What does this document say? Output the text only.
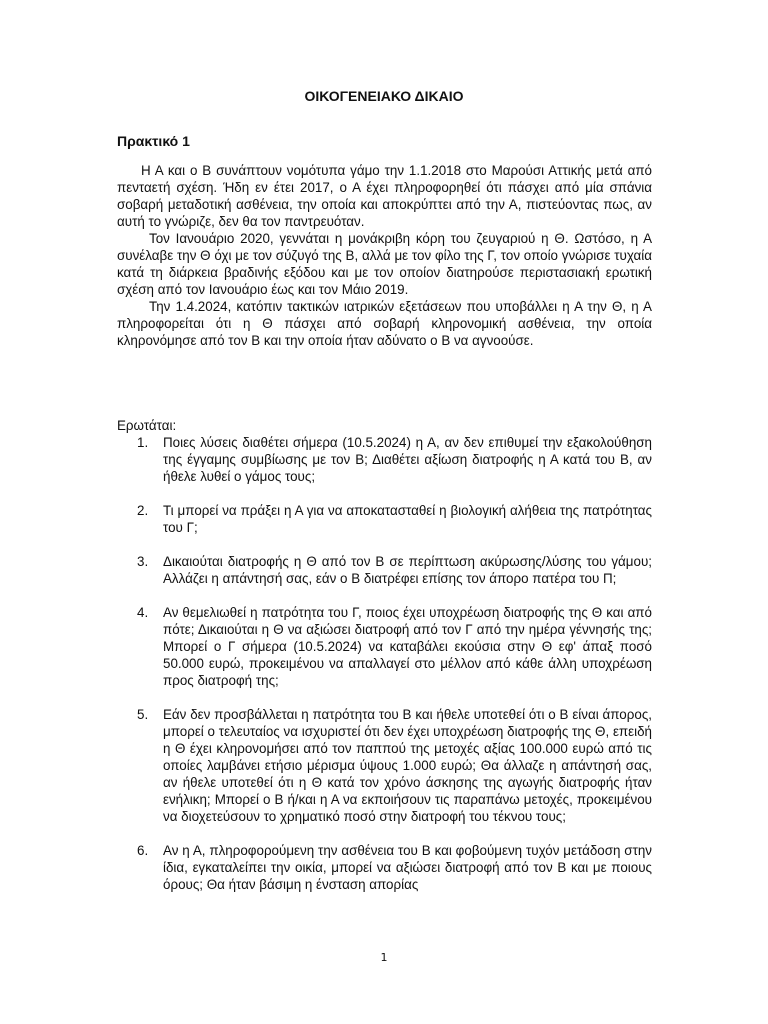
ΟΙΚΟΓΕΝΕΙΑΚΟ ΔΙΚΑΙΟ
Πρακτικό 1

Η Α και ο Β συνάπτουν νομότυπα γάμο την 1.1.2018 στο Μαρούσι Αττικής μετά από πενταετή σχέση. Ήδη εν έτει 2017, ο Α έχει πληροφορηθεί ότι πάσχει από μία σπάνια σοβαρή μεταδοτική ασθένεια, την οποία και αποκρύπτει από την Α, πιστεύοντας πως, αν αυτή το γνώριζε, δεν θα τον παντρευόταν.

Τον Ιανουάριο 2020, γεννάται η μονάκριβη κόρη του ζευγαριού η Θ. Ωστόσο, η Α συνέλαβε την Θ όχι με τον σύζυγό της Β, αλλά με τον φίλο της Γ, τον οποίο γνώρισε τυχαία κατά τη διάρκεια βραδινής εξόδου και με τον οποίον διατηρούσε περιστασιακή ερωτική σχέση από τον Ιανουάριο έως και τον Μάιο 2019.

Την 1.4.2024, κατόπιν τακτικών ιατρικών εξετάσεων που υποβάλλει η Α την Θ, η Α πληροφορείται ότι η Θ πάσχει από σοβαρή κληρονομική ασθένεια, την οποία κληρονόμησε από τον Β και την οποία ήταν αδύνατο ο Β να αγνοούσε.

Ερωτάται:
1. Ποιες λύσεις διαθέτει σήμερα (10.5.2024) η Α, αν δεν επιθυμεί την εξακολούθηση της έγγαμης συμβίωσης με τον Β; Διαθέτει αξίωση διατροφής η Α κατά του Β, αν ήθελε λυθεί ο γάμος τους;
2. Τι μπορεί να πράξει η Α για να αποκατασταθεί η βιολογική αλήθεια της πατρότητας του Γ;
3. Δικαιούται διατροφής η Θ από τον Β σε περίπτωση ακύρωσης/λύσης του γάμου; Αλλάζει η απάντησή σας, εάν ο Β διατρέφει επίσης τον άπορο πατέρα του Π;
4. Αν θεμελιωθεί η πατρότητα του Γ, ποιος έχει υποχρέωση διατροφής της Θ και από πότε; Δικαιούται η Θ να αξιώσει διατροφή από τον Γ από την ημέρα γέννησής της; Μπορεί ο Γ σήμερα (10.5.2024) να καταβάλει εκούσια στην Θ εφ' άπαξ ποσό 50.000 ευρώ, προκειμένου να απαλλαγεί στο μέλλον από κάθε άλλη υποχρέωση προς διατροφή της;
5. Εάν δεν προσβάλλεται η πατρότητα του Β και ήθελε υποτεθεί ότι ο Β είναι άπορος, μπορεί ο τελευταίος να ισχυριστεί ότι δεν έχει υποχρέωση διατροφής της Θ, επειδή η Θ έχει κληρονομήσει από τον παππού της μετοχές αξίας 100.000 ευρώ από τις οποίες λαμβάνει ετήσιο μέρισμα ύψους 1.000 ευρώ; Θα άλλαζε η απάντησή σας, αν ήθελε υποτεθεί ότι η Θ κατά τον χρόνο άσκησης της αγωγής διατροφής ήταν ενήλικη; Μπορεί ο Β ή/και η Α να εκποιήσουν τις παραπάνω μετοχές, προκειμένου να διοχετεύσουν το χρηματικό ποσό στην διατροφή του τέκνου τους;
6. Αν η Α, πληροφορούμενη την ασθένεια του Β και φοβούμενη τυχόν μετάδοση στην ίδια, εγκαταλείπει την οικία, μπορεί να αξιώσει διατροφή από τον Β και με ποιους όρους; Θα ήταν βάσιμη η ένσταση απορίας
1
